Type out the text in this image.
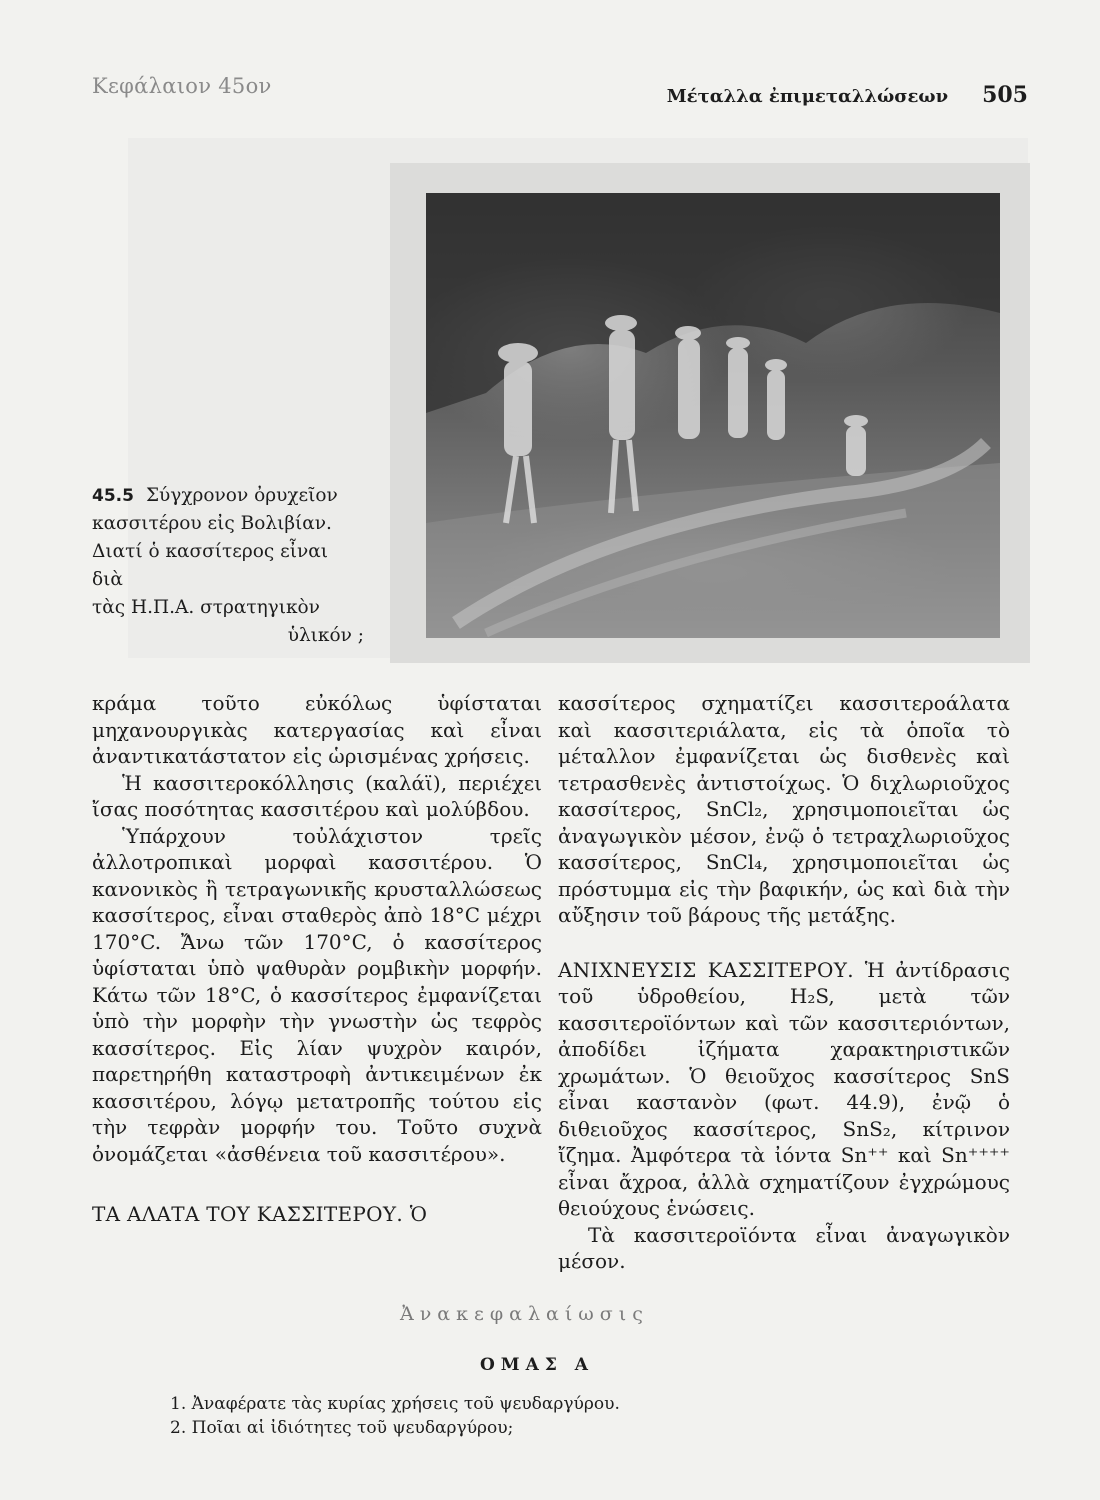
Κεφάλαιον 45ον	Μέταλλα ἐπιμεταλλώσεων 505

45.5 Σύγχρονον ὀρυχεῖον

κασσιτέρου εἰς Βολιβίαν.

Διατί ὁ κασσίτερος εἶναι διὰ

τὰς Η.Π.Α. στρατηγικὸν

ὑλικόν ;

κράμα τοῦτο εὐκόλως ὑφίσταται μηχανουργικὰς κατεργασίας καὶ εἶναι ἀναντικατάστατον εἰς ὡρισμένας χρήσεις.

Ἡ κασσιτεροκόλλησις (καλάϊ), περιέχει ἴσας ποσότητας κασσιτέρου καὶ μολύβδου.

Ὑπάρχουν τοὐλάχιστον τρεῖς ἀλλοτροπικαὶ μορφαὶ κασσιτέρου. Ὁ κανονικὸς ἢ τετραγωνικῆς κρυσταλλώσεως κασσίτερος, εἶναι σταθερὸς ἀπὸ 18°C μέχρι 170°C. Ἄνω τῶν 170°C, ὁ κασσίτερος ὑφίσταται ὑπὸ ψαθυρὰν ρομβικὴν μορφήν. Κάτω τῶν 18°C, ὁ κασσίτερος ἐμφανίζεται ὑπὸ τὴν μορφὴν τὴν γνωστὴν ὡς τεφρὸς κασσίτερος. Εἰς λίαν ψυχρὸν καιρόν, παρετηρήθη καταστροφὴ ἀντικειμένων ἐκ κασσιτέρου, λόγῳ μετατροπῆς τούτου εἰς τὴν τεφρὰν μορφήν του. Τοῦτο συχνὰ ὀνομάζεται «ἀσθένεια τοῦ κασσιτέρου».

ΤΑ ΑΛΑΤΑ ΤΟΥ ΚΑΣΣΙΤΕΡΟΥ. Ὁ

κασσίτερος σχηματίζει κασσιτεροάλατα καὶ κασσιτεριάλατα, εἰς τὰ ὁποῖα τὸ μέταλλον ἐμφανίζεται ὡς δισθενὲς καὶ τετρασθενὲς ἀντιστοίχως. Ὁ διχλωριοῦχος κασσίτερος, SnCl₂, χρησιμοποιεῖται ὡς ἀναγωγικὸν μέσον, ἐνῷ ὁ τετραχλωριοῦχος κασσίτερος, SnCl₄, χρησιμοποιεῖται ὡς πρόστυμμα εἰς τὴν βαφικήν, ὡς καὶ διὰ τὴν αὔξησιν τοῦ βάρους τῆς μετάξης.

ΑΝΙΧΝΕΥΣΙΣ ΚΑΣΣΙΤΕΡΟΥ. Ἡ ἀντίδρασις τοῦ ὑδροθείου, H₂S, μετὰ τῶν κασσιτεροϊόντων καὶ τῶν κασσιτεριόντων, ἀποδίδει ἰζήματα χαρακτηριστικῶν χρωμάτων. Ὁ θειοῦχος κασσίτερος SnS εἶναι καστανὸν (φωτ. 44.9), ἐνῷ ὁ διθειοῦχος κασσίτερος, SnS₂, κίτρινον ἴζημα. Ἀμφότερα τὰ ἰόντα Sn⁺⁺ καὶ Sn⁺⁺⁺⁺ εἶναι ἄχροα, ἀλλὰ σχηματίζουν ἐγχρώμους θειούχους ἑνώσεις.

Τὰ κασσιτεροϊόντα εἶναι ἀναγωγικὸν μέσον.

Ἀνακεφαλαίωσις
ΟΜΑΣ Α
1. Ἀναφέρατε τὰς κυρίας χρήσεις τοῦ ψευδαργύρου.
2. Ποῖαι αἱ ἰδιότητες τοῦ ψευδαργύρου;
